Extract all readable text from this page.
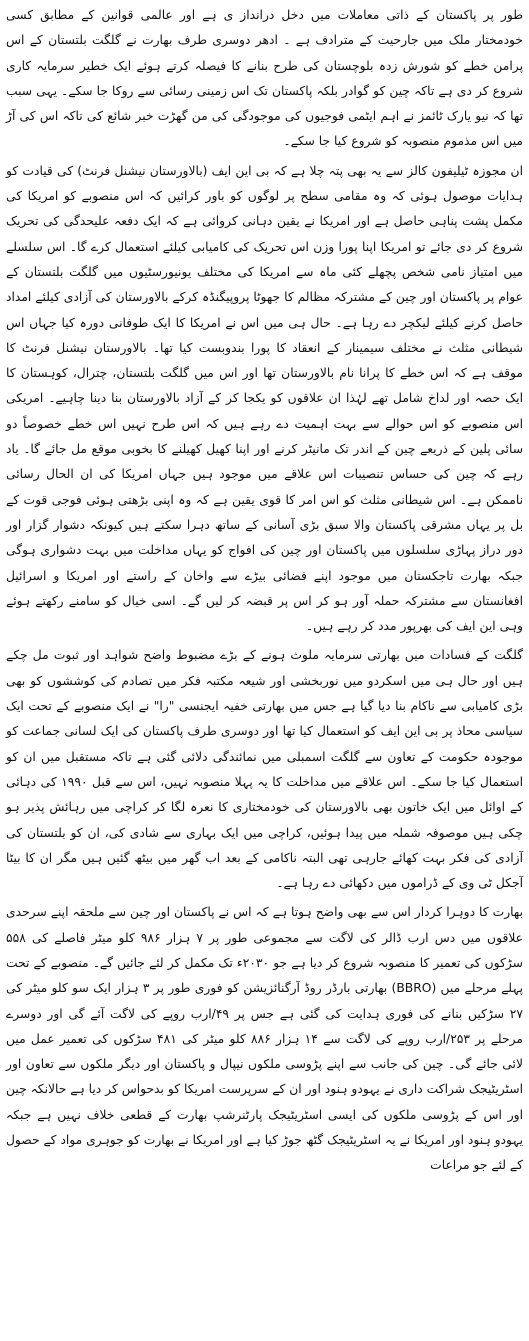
طور پر پاکستان کے ذاتی معاملات میں دخل درانداز ی ہے اور عالمی قوانین کے مطابق کسی خودمختار ملک میں جارحیت کے مترادف ہے ۔ ادھر دوسری طرف بھارت نے گلگت بلتستان کے اس پرامن خطے کو شورش زدہ بلوچستان کی طرح بنانے کا فیصلہ کرتے ہوئے ایک خطیر سرمایہ کاری شروع کر دی ہے تاکہ چین کو گوادر بلکہ پاکستان تک اس زمینی رسائی سے روکا جا سکے۔ یہی سبب تھا کہ نیو یارک ٹائمز نے اہم ایٹمی فوجیوں کی موجودگی کی من گھڑت خبر شائع کی تاکہ اس کی آڑ میں اس مذموم منصوبہ کو شروع کیا جا سکے۔

ان مجوزہ ٹیلیفون کالز سے یہ بھی پتہ چلا ہے کہ بی این ایف (بالاورستان نیشنل فرنٹ) کی قیادت کو ہدایات موصول ہوئی کہ وہ مقامی سطح پر لوگوں کو باور کرائیں کہ اس منصوبے کو امریکا کی مکمل پشت پناہی حاصل ہے اور امریکا نے یقین دہانی کروائی ہے کہ ایک دفعہ علیحدگی کی تحریک شروع کر دی جائے تو امریکا اپنا پورا وزن اس تحریک کی کامیابی کیلئے استعمال کرے گا۔ اس سلسلے میں امتیاز نامی شخص پچھلے کئی ماہ سے امریکا کی مختلف یونیورسٹیوں میں گلگت بلتستان کے عوام پر پاکستان اور چین کے مشترکہ مظالم کا جھوٹا پروپیگنڈہ کرکے بالاورستان کی آزادی کیلئے امداد حاصل کرنے کیلئے لیکچر دے رہا ہے۔ حال ہی میں اس نے امریکا کا ایک طوفانی دورہ کیا جہاں اس شیطانی مثلث نے مختلف سیمینار کے انعقاد کا پورا بندوبست کیا تھا۔ بالاورستان نیشنل فرنٹ کا موقف ہے کہ اس خطے کا پرانا نام بالاورستان تھا اور اس میں گلگت بلتستان، چترال، کوہستان کا ایک حصہ اور لداخ شامل تھے لہٰذا ان علاقوں کو یکجا کر کے آزاد بالاورستان بنا دینا چاہیے۔ امریکی اس منصوبے کو اس حوالے سے بہت اہمیت دے رہے ہیں کہ اس طرح نہیں اس خطے خصوصاً دو سائی پلین کے ذریعے چین کے اندر تک مانیٹر کرنے اور اپنا کھیل کھیلنے کا بخوبی موقع مل جائے گا۔ یاد رہے کہ چین کی حساس تنصیبات اس علاقے میں موجود ہیں جہاں امریکا کی ان الحال رسائی ناممکن ہے۔ اس شیطانی مثلث کو اس امر کا قوی یقین ہے کہ وہ اپنی بڑھتی ہوئی فوجی قوت کے بل پر یہاں مشرقی پاکستان والا سبق بڑی آسانی کے ساتھ دہرا سکتے ہیں کیونکہ دشوار گزار اور دور دراز پہاڑی سلسلوں میں پاکستان اور چین کی افواج کو یہاں مداخلت میں بہت دشواری ہوگی جبکہ بھارت تاجکستان میں موجود اپنے فضائی بیڑے سے واخان کے راستے اور امریکا و اسرائیل افغانستان سے مشترکہ حملہ آور ہو کر اس پر قبضہ کر لیں گے۔ اسی خیال کو سامنے رکھتے ہوئے وہی این ایف کی بھرپور مدد کر رہے ہیں۔

گلگت کے فسادات میں بھارتی سرمایہ ملوث ہونے کے بڑے مضبوط واضح شواہد اور ثبوت مل چکے ہیں اور حال ہی میں اسکردو میں نوربخشی اور شیعہ مکتبہ فکر میں تصادم کی کوششوں کو بھی بڑی کامیابی سے ناکام بنا دیا گیا ہے جس میں بھارتی خفیہ ایجنسی "را" نے ایک منصوبے کے تحت ایک سیاسی محاذ پر بی این ایف کو استعمال کیا تھا اور دوسری طرف پاکستان کی ایک لسانی جماعت کو موجودہ حکومت کے تعاون سے گلگت اسمبلی میں نمائندگی دلائی گئی ہے تاکہ مستقبل میں ان کو استعمال کیا جا سکے۔ اس علاقے میں مداخلت کا یہ پہلا منصوبہ نہیں، اس سے قبل ۱۹۹۰ کی دہائی کے اوائل میں ایک خاتون بھی بالاورستان کی خودمختاری کا نعرہ لگا کر کراچی میں رہائش پذیر ہو چکی ہیں موصوفہ شملہ میں پیدا ہوئیں، کراچی میں ایک بہاری سے شادی کی، ان کو بلتستان کی آزادی کی فکر بہت کھائے جارہی تھی البتہ ناکامی کے بعد اب گھر میں بیٹھ گئیں ہیں مگر ان کا بیٹا آجکل ٹی وی کے ڈراموں میں دکھائی دے رہا ہے۔

بھارت کا دوہرا کردار اس سے بھی واضح ہوتا ہے کہ اس نے پاکستان اور چین سے ملحقہ اپنے سرحدی علاقوں میں دس ارب ڈالر کی لاگت سے مجموعی طور پر ۷ ہزار ۹۸۶ کلو میٹر فاصلے کی ۵۵۸ سڑکوں کی تعمیر کا منصوبہ شروع کر دیا ہے جو ۲۰۳۰ء تک مکمل کر لئے جائیں گے۔ منصوبے کے تحت پہلے مرحلے میں (BBRO) بھارتی بارڈر روڈ آرگنائزیشن کو فوری طور پر ۳ ہزار ایک سو کلو میٹر کی ۲۷ سڑکیں بنانے کی فوری ہدایت کی گئی ہے جس پر ۴۹/ارب روپے کی لاگت آئے گی اور دوسرے مرحلے پر ۲۵۳/ارب روپے کی لاگت سے ۱۴ ہزار ۸۸۶ کلو میٹر کی ۴۸۱ سڑکوں کی تعمیر عمل میں لائی جائے گی۔ چین کی جانب سے اپنے پڑوسی ملکوں نیپال و پاکستان اور دیگر ملکوں سے تعاون اور اسٹریٹیجک شراکت داری نے یہودو ہنود اور ان کے سرپرست امریکا کو بدحواس کر دیا ہے حالانکہ چین اور اس کے پڑوسی ملکوں کی ایسی اسٹریٹیجک پارٹنرشپ بھارت کے قطعی خلاف نہیں ہے جبکہ یہودو ہنود اور امریکا نے یہ اسٹریٹیجک گٹھ جوڑ کیا ہے اور امریکا نے بھارت کو جوہری مواد کے حصول کے لئے جو مراعات
